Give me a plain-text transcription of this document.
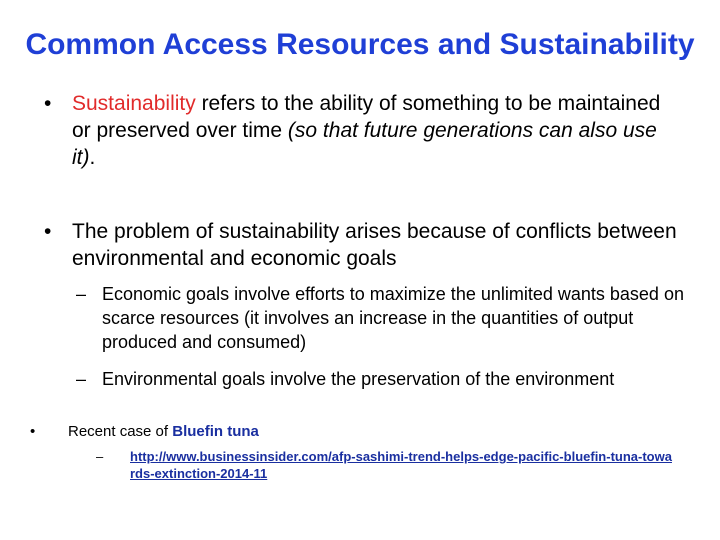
Common Access Resources and Sustainability
• Sustainability refers to the ability of something to be maintained or preserved over time (so that future generations can also use it).
• The problem of sustainability arises because of conflicts between environmental and economic goals
– Economic goals involve efforts to maximize the unlimited wants based on scarce resources (it involves an increase in the quantities of output produced and consumed)
– Environmental goals involve the preservation of the environment
•	Recent case of Bluefin tuna
–	http://www.businessinsider.com/afp-sashimi-trend-helps-edge-pacific-bluefin-tuna-towards-extinction-2014-11
